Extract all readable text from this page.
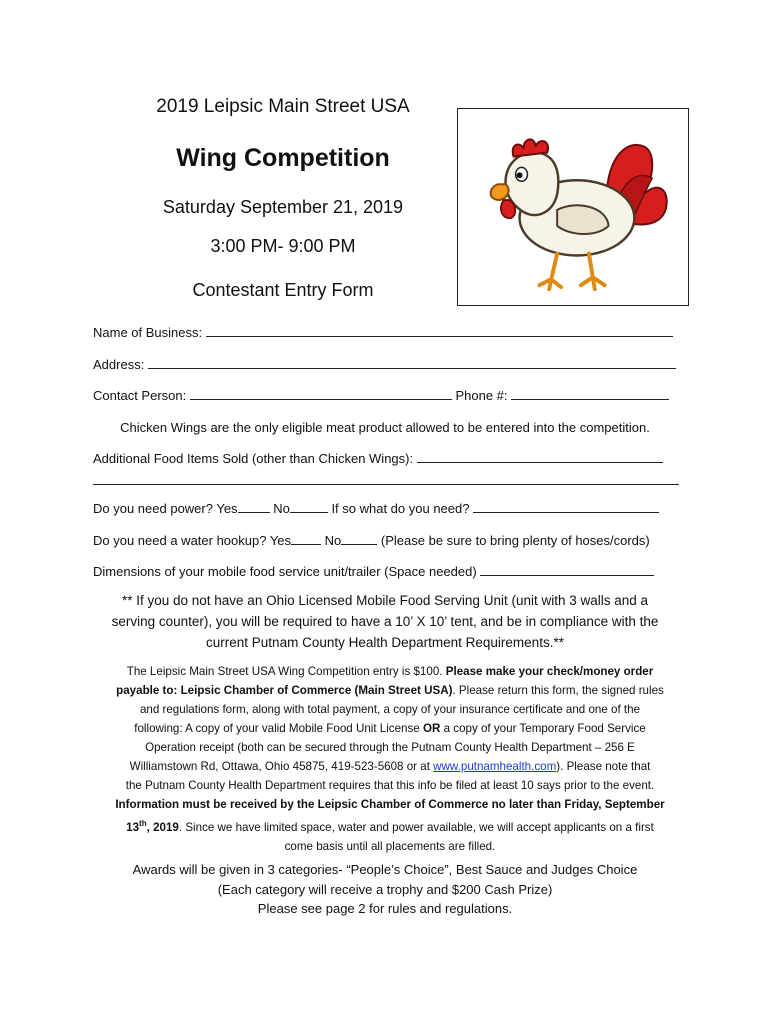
2019 Leipsic Main Street USA
Wing Competition
Saturday September 21, 2019
3:00 PM- 9:00 PM
Contestant Entry Form
Name of Business:
Address:
Contact Person:	Phone #:
Chicken Wings are the only eligible meat product allowed to be entered into the competition.
Additional Food Items Sold (other than Chicken Wings):
Do you need power? Yes	No	If so what do you need?
Do you need a water hookup? Yes	No	(Please be sure to bring plenty of hoses/cords)
Dimensions of your mobile food service unit/trailer (Space needed)
** If you do not have an Ohio Licensed Mobile Food Serving Unit (unit with 3 walls and a
serving counter), you will be required to have a 10’ X 10’ tent, and be in compliance with the
current Putnam County Health Department Requirements.**
The Leipsic Main Street USA Wing Competition entry is $100. Please make your check/money order
payable to: Leipsic Chamber of Commerce (Main Street USA). Please return this form, the signed rules
and regulations form, along with total payment, a copy of your insurance certificate and one of the
following: A copy of your valid Mobile Food Unit License OR a copy of your Temporary Food Service
Operation receipt (both can be secured through the Putnam County Health Department – 256 E
Williamstown Rd, Ottawa, Ohio 45875, 419-523-5608 or at www.putnamhealth.com). Please note that
the Putnam County Health Department requires that this info be filed at least 10 says prior to the event.
Information must be received by the Leipsic Chamber of Commerce no later than Friday, September
13th, 2019. Since we have limited space, water and power available, we will accept applicants on a first
come basis until all placements are filled.
Awards will be given in 3 categories- “People’s Choice”, Best Sauce and Judges Choice
(Each category will receive a trophy and $200 Cash Prize)
Please see page 2 for rules and regulations.
